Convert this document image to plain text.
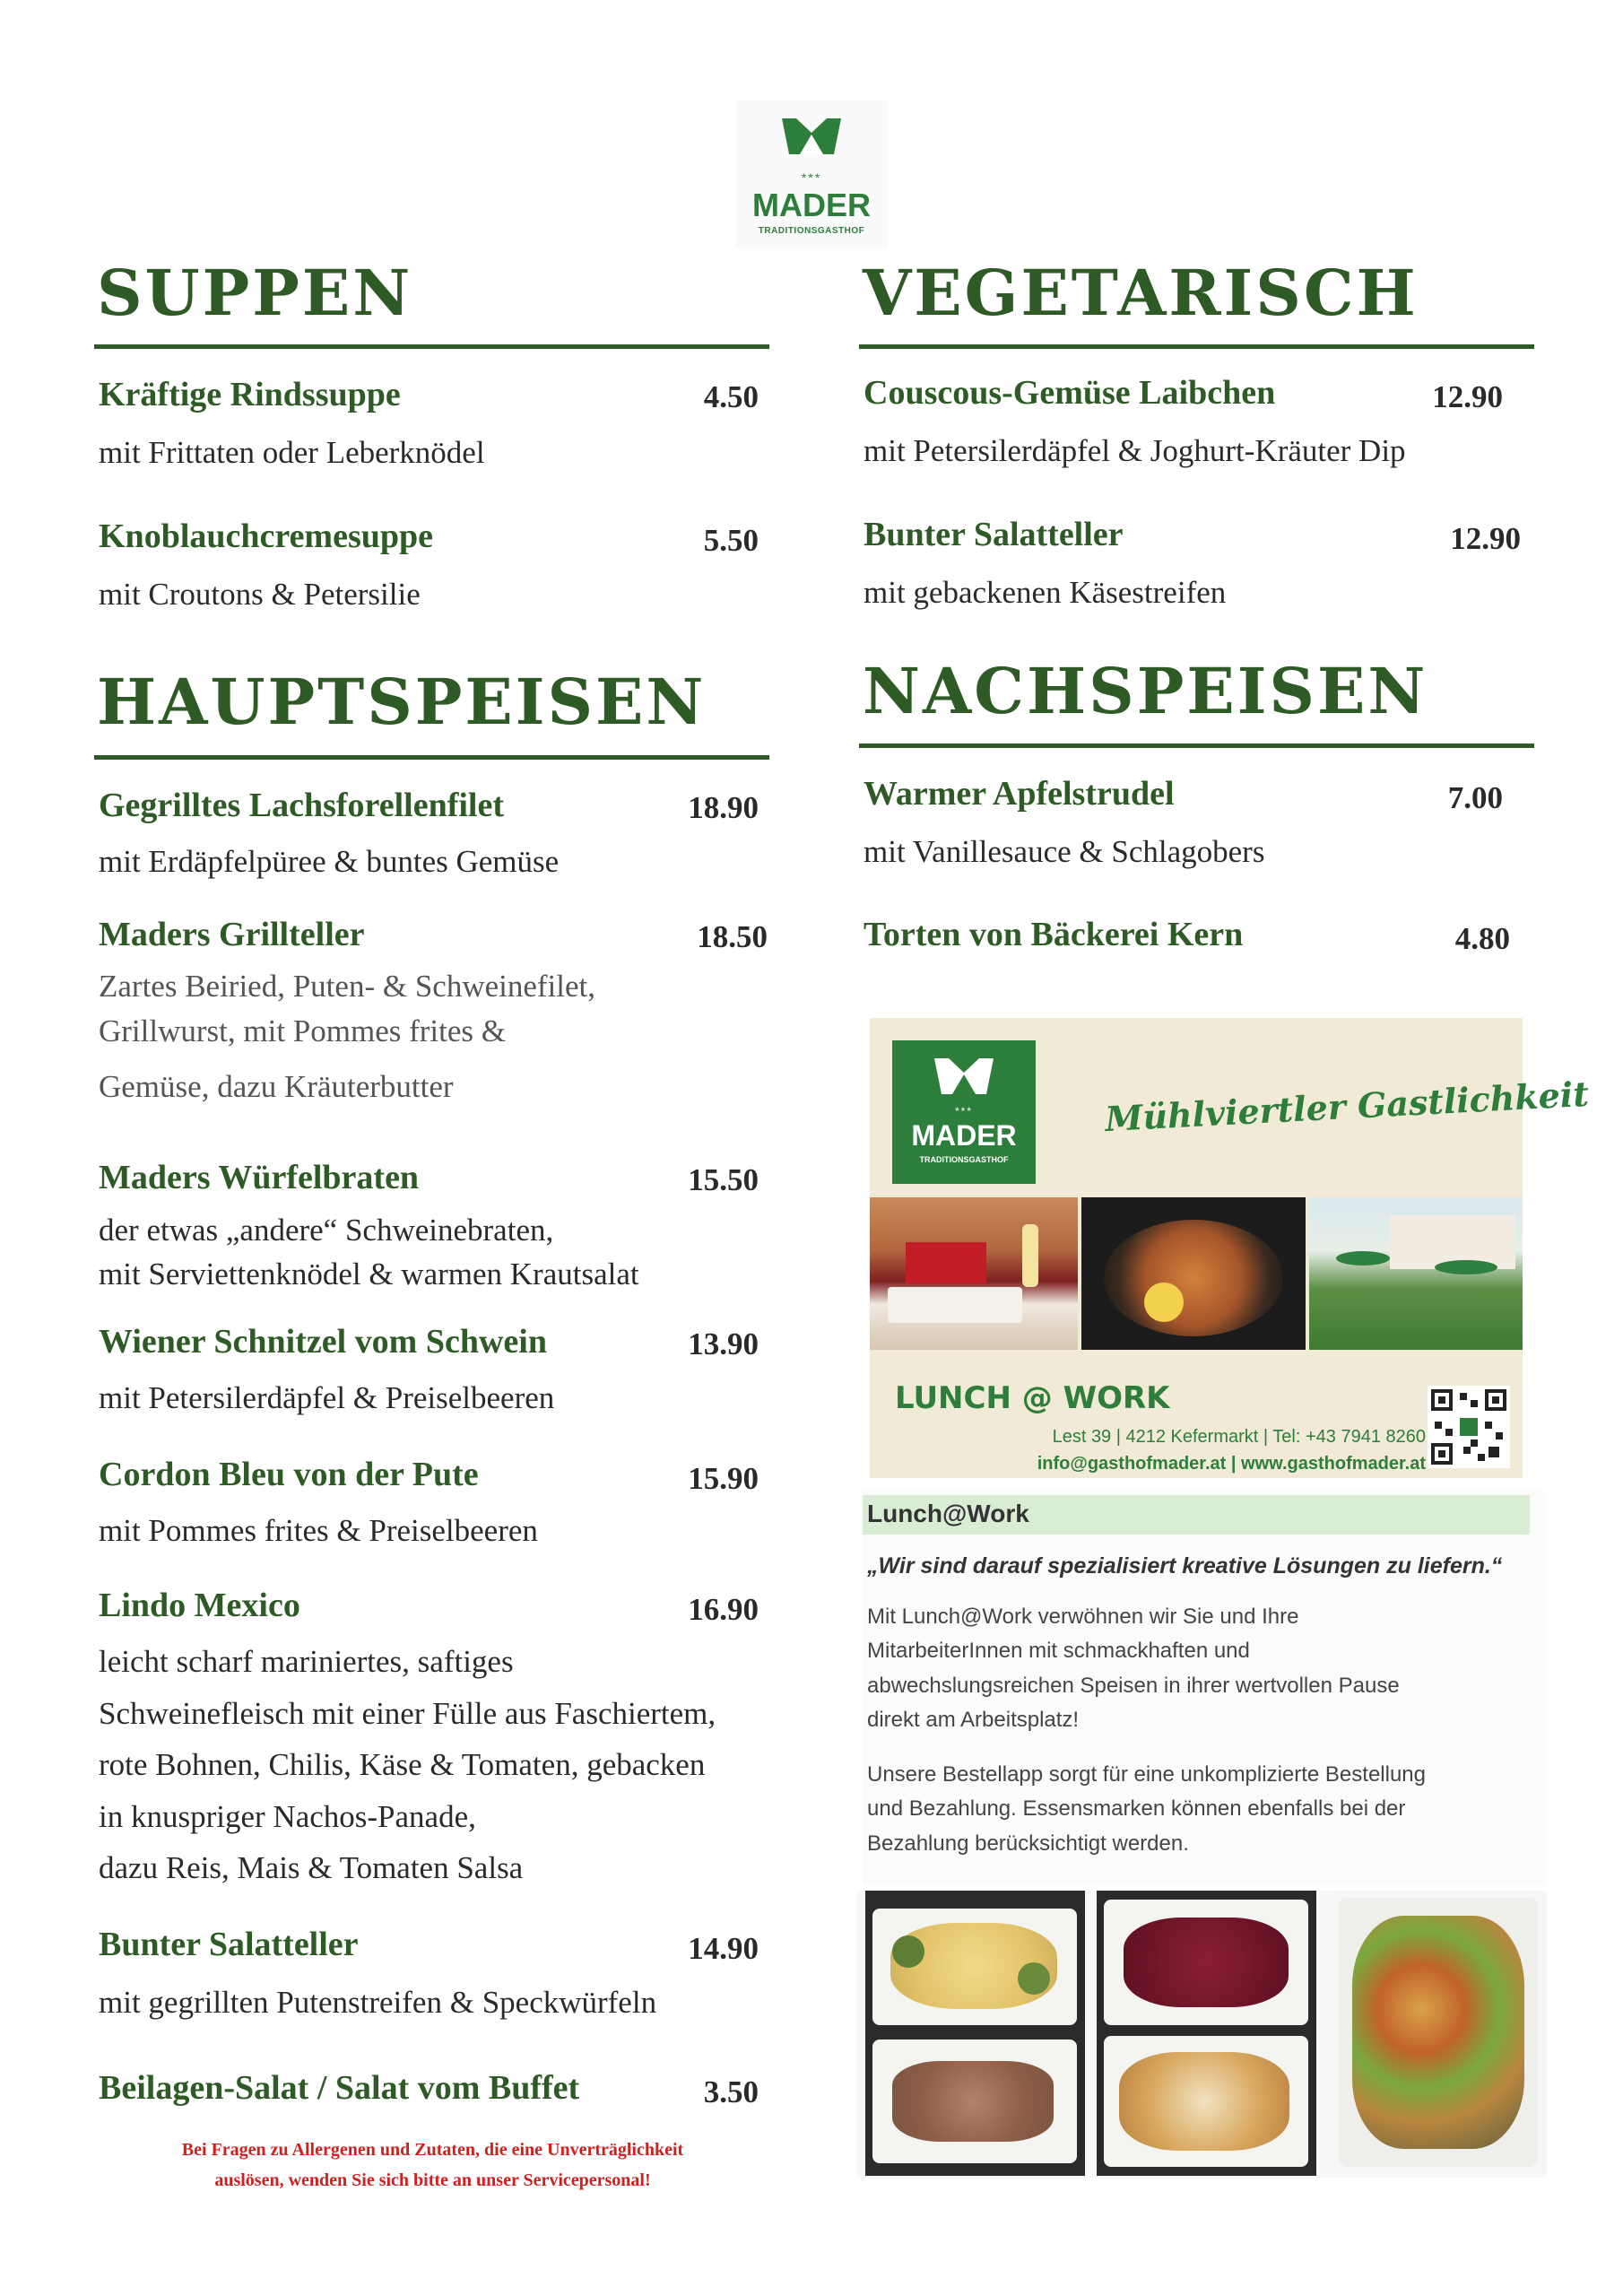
***
MADER
TRADITIONSGASTHOF
SUPPEN
Kräftige Rindssuppe	4.50
mit Frittaten oder Leberknödel
Knoblauchcremesuppe	5.50
mit Croutons & Petersilie
HAUPTSPEISEN
Gegrilltes Lachsforellenfilet	18.90
mit Erdäpfelpüree & buntes Gemüse
Maders Grillteller	18.50
Zartes Beiried, Puten- & Schweinefilet,
Grillwurst, mit Pommes frites &
Gemüse, dazu Kräuterbutter
Maders Würfelbraten	15.50
der etwas „andere“ Schweinebraten,
mit Serviettenknödel & warmen Krautsalat
Wiener Schnitzel vom Schwein	13.90
mit Petersilerdäpfel & Preiselbeeren
Cordon Bleu von der Pute	15.90
mit Pommes frites & Preiselbeeren
Lindo Mexico	16.90
leicht scharf mariniertes, saftiges
Schweinefleisch mit einer Fülle aus Faschiertem,
rote Bohnen, Chilis, Käse & Tomaten, gebacken
in knuspriger Nachos-Panade,
dazu Reis, Mais & Tomaten Salsa
Bunter Salatteller	14.90
mit gegrillten Putenstreifen & Speckwürfeln
Beilagen-Salat / Salat vom Buffet	3.50
Bei Fragen zu Allergenen und Zutaten, die eine Unverträglichkeit
auslösen, wenden Sie sich bitte an unser Servicepersonal!
VEGETARISCH
Couscous-Gemüse Laibchen	12.90
mit Petersilerdäpfel & Joghurt-Kräuter Dip
Bunter Salatteller	12.90
mit gebackenen Käsestreifen
NACHSPEISEN
Warmer Apfelstrudel	7.00
mit Vanillesauce & Schlagobers
Torten von Bäckerei Kern	4.80
***
MADER
TRADITIONSGASTHOF
Mühlviertler Gastlichkeit
LUNCH @ WORK
Lest 39 | 4212 Kefermarkt | Tel: +43 7941 8260
info@gasthofmader.at | www.gasthofmader.at
Lunch@Work
„Wir sind darauf spezialisiert kreative Lösungen zu liefern.“
Mit Lunch@Work verwöhnen wir Sie und Ihre
MitarbeiterInnen mit schmackhaften und
abwechslungsreichen Speisen in ihrer wertvollen Pause
direkt am Arbeitsplatz!
Unsere Bestellapp sorgt für eine unkomplizierte Bestellung
und Bezahlung. Essensmarken können ebenfalls bei der
Bezahlung berücksichtigt werden.
